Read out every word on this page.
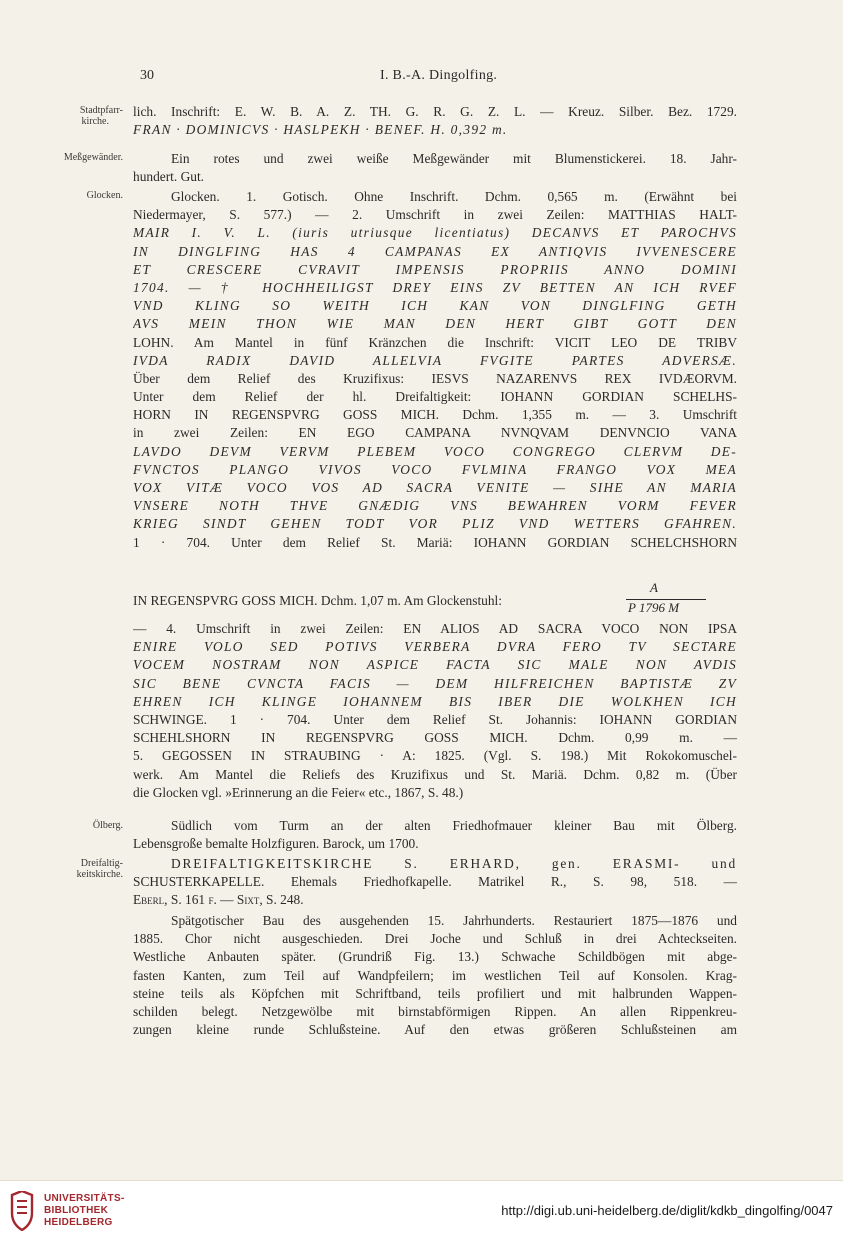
30	I. B.-A. Dingolfing.
Stadtpfarr-
kirche.
Meßgewänder.
Glocken.
Ölberg.
Dreifaltig-
keitskirche.
lich. Inschrift: E. W. B. A. Z. TH. G. R. G. Z. L. — Kreuz. Silber. Bez. 1729.
FRAN · DOMINICVS · HASLPEKH · BENEF. H. 0,392 m.
Ein rotes und zwei weiße Meßgewänder mit Blumenstickerei. 18. Jahr-
hundert. Gut.
Glocken. 1. Gotisch. Ohne Inschrift. Dchm. 0,565 m. (Erwähnt bei
Niedermayer, S. 577.) — 2. Umschrift in zwei Zeilen: MATTHIAS HALT-
MAIR I. V. L. (iuris utriusque licentiatus) DECANVS ET PAROCHVS
IN DINGLFING HAS 4 CAMPANAS EX ANTIQVIS IVVENESCERE
ET CRESCERE CVRAVIT IMPENSIS PROPRIIS ANNO DOMINI
1704. — † HOCHHEILIGST DREY EINS ZV BETTEN AN ICH RVEF
VND KLING SO WEITH ICH KAN VON DINGLFING GETH
AVS MEIN THON WIE MAN DEN HERT GIBT GOTT DEN
LOHN. Am Mantel in fünf Kränzchen die Inschrift: VICIT LEO DE TRIBV
IVDA RADIX DAVID ALLELVIA FVGITE PARTES ADVERSÆ.
Über dem Relief des Kruzifixus: IESVS NAZARENVS REX IVDÆORVM.
Unter dem Relief der hl. Dreifaltigkeit: IOHANN GORDIAN SCHELHS-
HORN IN REGENSPVRG GOSS MICH. Dchm. 1,355 m. — 3. Umschrift
in zwei Zeilen: EN EGO CAMPANA NVNQVAM DENVNCIO VANA
LAVDO DEVM VERVM PLEBEM VOCO CONGREGO CLERVM DE-
FVNCTOS PLANGO VIVOS VOCO FVLMINA FRANGO VOX MEA
VOX VITÆ VOCO VOS AD SACRA VENITE — SIHE AN MARIA
VNSERE NOTH THVE GNÆDIG VNS BEWAHREN VORM FEVER
KRIEG SINDT GEHEN TODT VOR PLIZ VND WETTERS GFAHREN.
1 · 704. Unter dem Relief St. Mariä: IOHANN GORDIAN SCHELCHSHORN
IN REGENSPVRG GOSS MICH. Dchm. 1,07 m. Am Glockenstuhl:
A
P 1796 M
— 4. Umschrift in zwei Zeilen: EN ALIOS AD SACRA VOCO NON IPSA
ENIRE VOLO SED POTIVS VERBERA DVRA FERO TV SECTARE
VOCEM NOSTRAM NON ASPICE FACTA SIC MALE NON AVDIS
SIC BENE CVNCTA FACIS — DEM HILFREICHEN BAPTISTÆ ZV
EHREN ICH KLINGE IOHANNEM BIS IBER DIE WOLKHEN ICH
SCHWINGE. 1 · 704. Unter dem Relief St. Johannis: IOHANN GORDIAN
SCHEHLSHORN IN REGENSPVRG GOSS MICH. Dchm. 0,99 m. —
5. GEGOSSEN IN STRAUBING · A: 1825. (Vgl. S. 198.) Mit Rokokomuschel-
werk. Am Mantel die Reliefs des Kruzifixus und St. Mariä. Dchm. 0,82 m. (Über
die Glocken vgl. »Erinnerung an die Feier« etc., 1867, S. 48.)
Südlich vom Turm an der alten Friedhofmauer kleiner Bau mit Ölberg.
Lebensgroße bemalte Holzfiguren. Barock, um 1700.
DREIFALTIGKEITSKIRCHE S. ERHARD, gen. ERASMI- und
SCHUSTERKAPELLE. Ehemals Friedhofkapelle. Matrikel R., S. 98, 518. —
Eberl, S. 161 f. — Sixt, S. 248.
Spätgotischer Bau des ausgehenden 15. Jahrhunderts. Restauriert 1875—1876 und
1885. Chor nicht ausgeschieden. Drei Joche und Schluß in drei Achteckseiten.
Westliche Anbauten später. (Grundriß Fig. 13.) Schwache Schildbögen mit abge-
fasten Kanten, zum Teil auf Wandpfeilern; im westlichen Teil auf Konsolen. Krag-
steine teils als Köpfchen mit Schriftband, teils profiliert und mit halbrunden Wappen-
schilden belegt. Netzgewölbe mit birnstabförmigen Rippen. An allen Rippenkreu-
zungen kleine runde Schlußsteine. Auf den etwas größeren Schlußsteinen am
UNIVERSITÄTS-
BIBLIOTHEK
HEIDELBERG
http://digi.ub.uni-heidelberg.de/diglit/kdkb_dingolfing/0047
